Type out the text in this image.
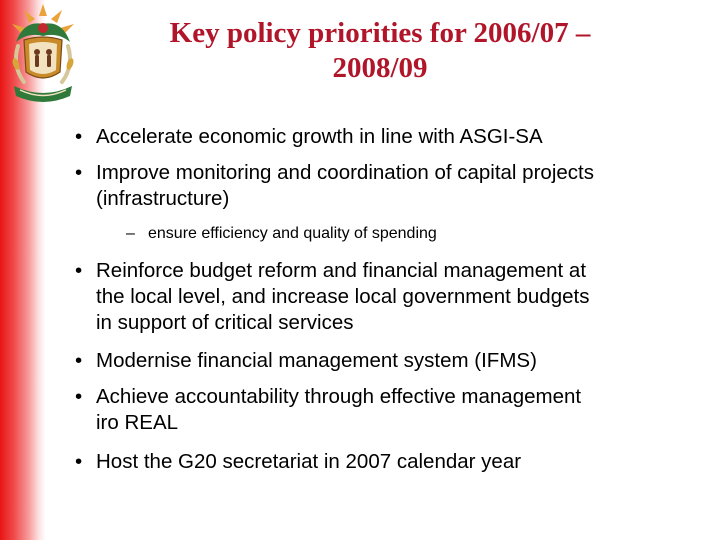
Key policy priorities for 2006/07 –
2008/09
• Accelerate economic growth in line with ASGI-SA
• Improve monitoring and coordination of capital projects
(infrastructure)
– ensure efficiency and quality of spending
• Reinforce budget reform and financial management at
the local level, and increase local government budgets
in support of critical services
• Modernise financial management system (IFMS)
• Achieve accountability through effective management
iro REAL
• Host the G20 secretariat in 2007 calendar year
